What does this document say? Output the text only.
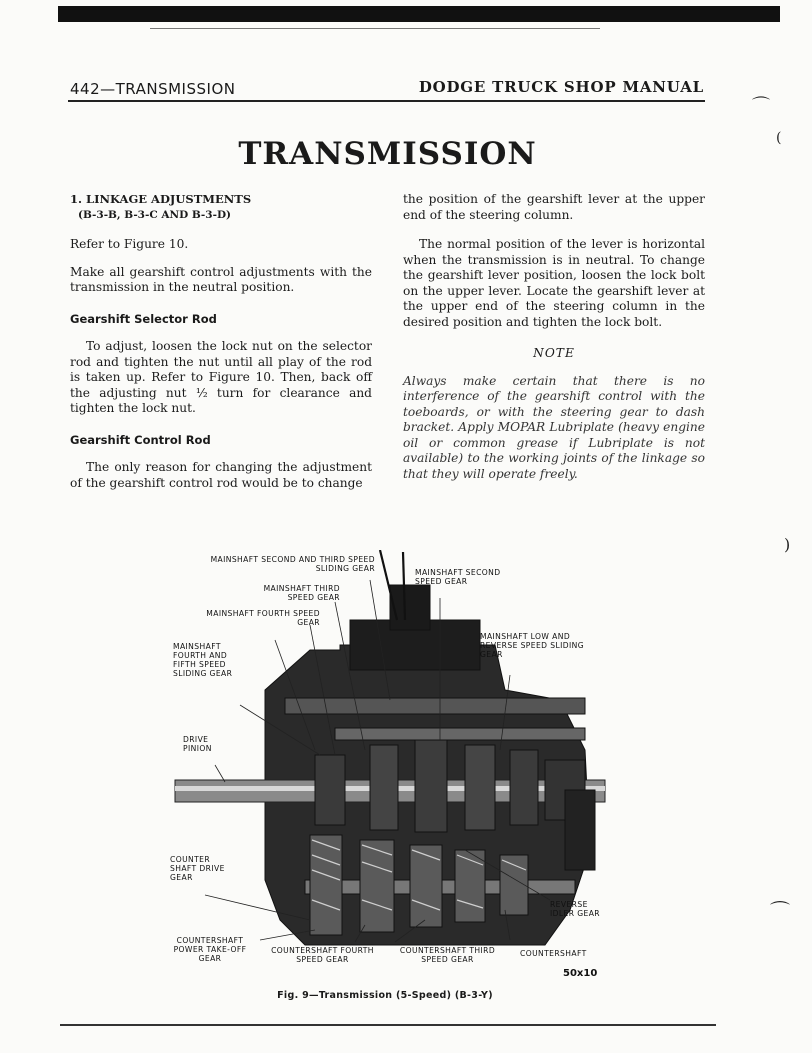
442—TRANSMISSION	DODGE TRUCK SHOP MANUAL
TRANSMISSION

1. LINKAGE ADJUSTMENTS

(B-3-B, B-3-C AND B-3-D)

Refer to Figure 10.

Make all gearshift control adjustments with the transmission in the neutral position.

Gearshift Selector Rod

To adjust, loosen the lock nut on the selector rod and tighten the nut until all play of the rod is taken up. Refer to Figure 10. Then, back off the adjusting nut ½ turn for clearance and tighten the lock nut.

Gearshift Control Rod

The only reason for changing the adjustment of the gearshift control rod would be to change

the position of the gearshift lever at the upper end of the steering column.

The normal position of the lever is horizontal when the transmission is in neutral. To change the gearshift lever position, loosen the lock bolt on the upper lever. Locate the gearshift lever at the upper end of the steering column in the desired position and tighten the lock bolt.

NOTE

Always make certain that there is no interference of the gearshift control with the toeboards, or with the steering gear to dash bracket. Apply MOPAR Lubriplate (heavy engine oil or common grease if Lubriplate is not available) to the working joints of the linkage so that they will operate freely.

MAINSHAFT SECOND AND THIRD SPEED SLIDING GEAR	MAINSHAFT SECOND SPEED GEAR
MAINSHAFT THIRD SPEED GEAR
MAINSHAFT FOURTH SPEED GEAR
MAINSHAFT FOURTH AND FIFTH SPEED SLIDING GEAR
MAINSHAFT LOW AND REVERSE SPEED SLIDING GEAR
DRIVE PINION
COUNTER SHAFT DRIVE GEAR
REVERSE IDLER GEAR
COUNTERSHAFT POWER TAKE-OFF GEAR
COUNTERSHAFT FOURTH SPEED GEAR
COUNTERSHAFT THIRD SPEED GEAR
COUNTERSHAFT
50x10
Fig. 9—Transmission (5-Speed) (B-3-Y)
⌒
(
)
⌒
